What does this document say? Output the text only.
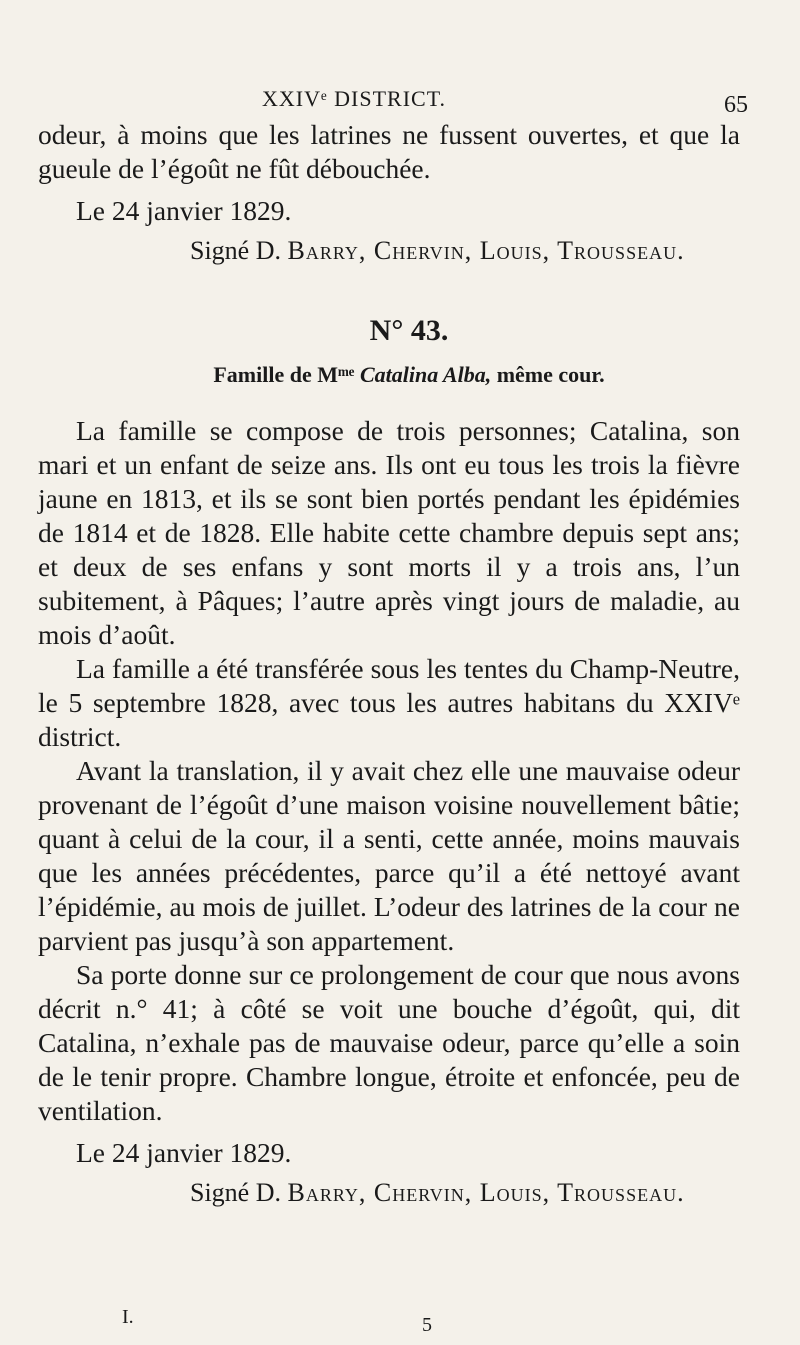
XXIVᵉ DISTRICT.	65

odeur, à moins que les latrines ne fussent ouvertes, et que la gueule de l’égoût ne fût débouchée.

Le 24 janvier 1829.

Signé D. Barry, Chervin, Louis, Trousseau.

N° 43.
Famille de Mᵐᵉ Catalina Alba, même cour.

La famille se compose de trois personnes; Catalina, son mari et un enfant de seize ans. Ils ont eu tous les trois la fièvre jaune en 1813, et ils se sont bien portés pendant les épidémies de 1814 et de 1828. Elle habite cette chambre depuis sept ans; et deux de ses enfans y sont morts il y a trois ans, l’un subitement, à Pâques; l’autre après vingt jours de maladie, au mois d’août.

La famille a été transférée sous les tentes du Champ-Neutre, le 5 septembre 1828, avec tous les autres habitans du XXIVᵉ district.

Avant la translation, il y avait chez elle une mauvaise odeur provenant de l’égoût d’une maison voisine nouvellement bâtie; quant à celui de la cour, il a senti, cette année, moins mauvais que les années précédentes, parce qu’il a été nettoyé avant l’épidémie, au mois de juillet. L’odeur des latrines de la cour ne parvient pas jusqu’à son appartement.

Sa porte donne sur ce prolongement de cour que nous avons décrit n.° 41; à côté se voit une bouche d’égoût, qui, dit Catalina, n’exhale pas de mauvaise odeur, parce qu’elle a soin de le tenir propre. Chambre longue, étroite et enfoncée, peu de ventilation.

Le 24 janvier 1829.

Signé D. Barry, Chervin, Louis, Trousseau.

I.	5
